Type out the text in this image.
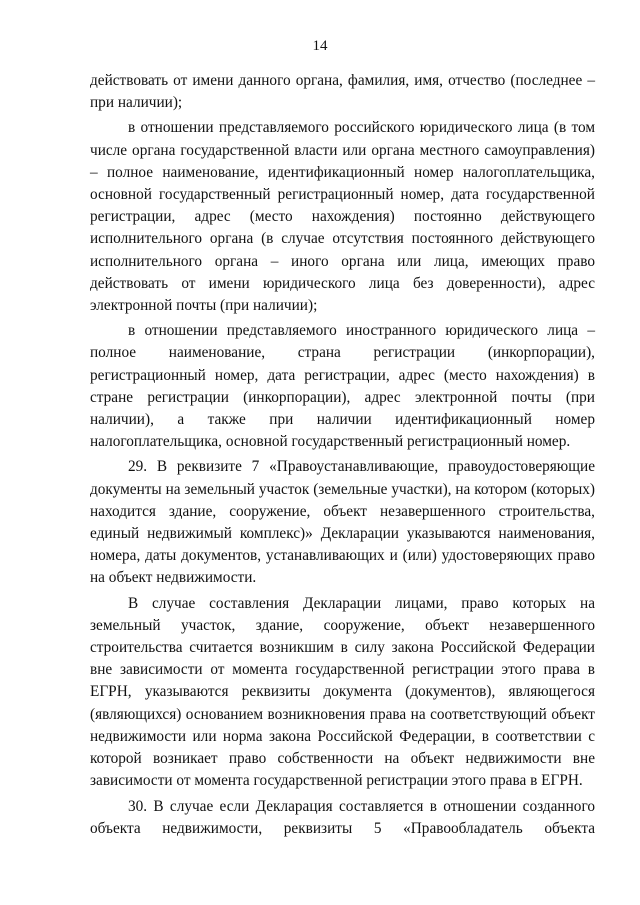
14

действовать от имени данного органа, фамилия, имя, отчество (последнее – при наличии);

в отношении представляемого российского юридического лица (в том числе органа государственной власти или органа местного самоуправления) – полное наименование, идентификационный номер налогоплательщика, основной государственный регистрационный номер, дата государственной регистрации, адрес (место нахождения) постоянно действующего исполнительного органа (в случае отсутствия постоянного действующего исполнительного органа – иного органа или лица, имеющих право действовать от имени юридического лица без доверенности), адрес электронной почты (при наличии);

в отношении представляемого иностранного юридического лица – полное наименование, страна регистрации (инкорпорации), регистрационный номер, дата регистрации, адрес (место нахождения) в стране регистрации (инкорпорации), адрес электронной почты (при наличии), а также при наличии идентификационный номер налогоплательщика, основной государственный регистрационный номер.

29. В реквизите 7 «Правоустанавливающие, правоудостоверяющие документы на земельный участок (земельные участки), на котором (которых) находится здание, сооружение, объект незавершенного строительства, единый недвижимый комплекс)» Декларации указываются наименования, номера, даты документов, устанавливающих и (или) удостоверяющих право на объект недвижимости.

В случае составления Декларации лицами, право которых на земельный участок, здание, сооружение, объект незавершенного строительства считается возникшим в силу закона Российской Федерации вне зависимости от момента государственной регистрации этого права в ЕГРН, указываются реквизиты документа (документов), являющегося (являющихся) основанием возникновения права на соответствующий объект недвижимости или норма закона Российской Федерации, в соответствии с которой возникает право собственности на объект недвижимости вне зависимости от момента государственной регистрации этого права в ЕГРН.

30. В случае если Декларация составляется в отношении созданного объекта недвижимости, реквизиты 5 «Правообладатель объекта
